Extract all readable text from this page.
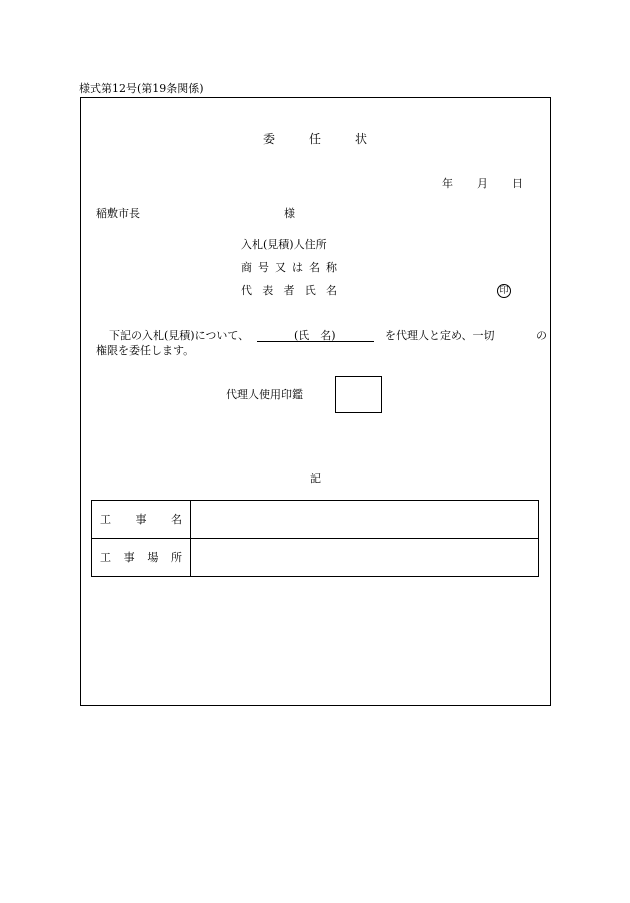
様式第12号(第19条関係)
委	任	状
年 月 日
稲敷市長	様
入札(見積)人住所
商 号 又 は 名 称
代 表 者 氏 名	印
下記の入札(見積)について、	(氏　名)	を代理人と定め、一切	の
権限を委任します。
代理人使用印鑑
記
工 事 名	

工 事 場 所	
